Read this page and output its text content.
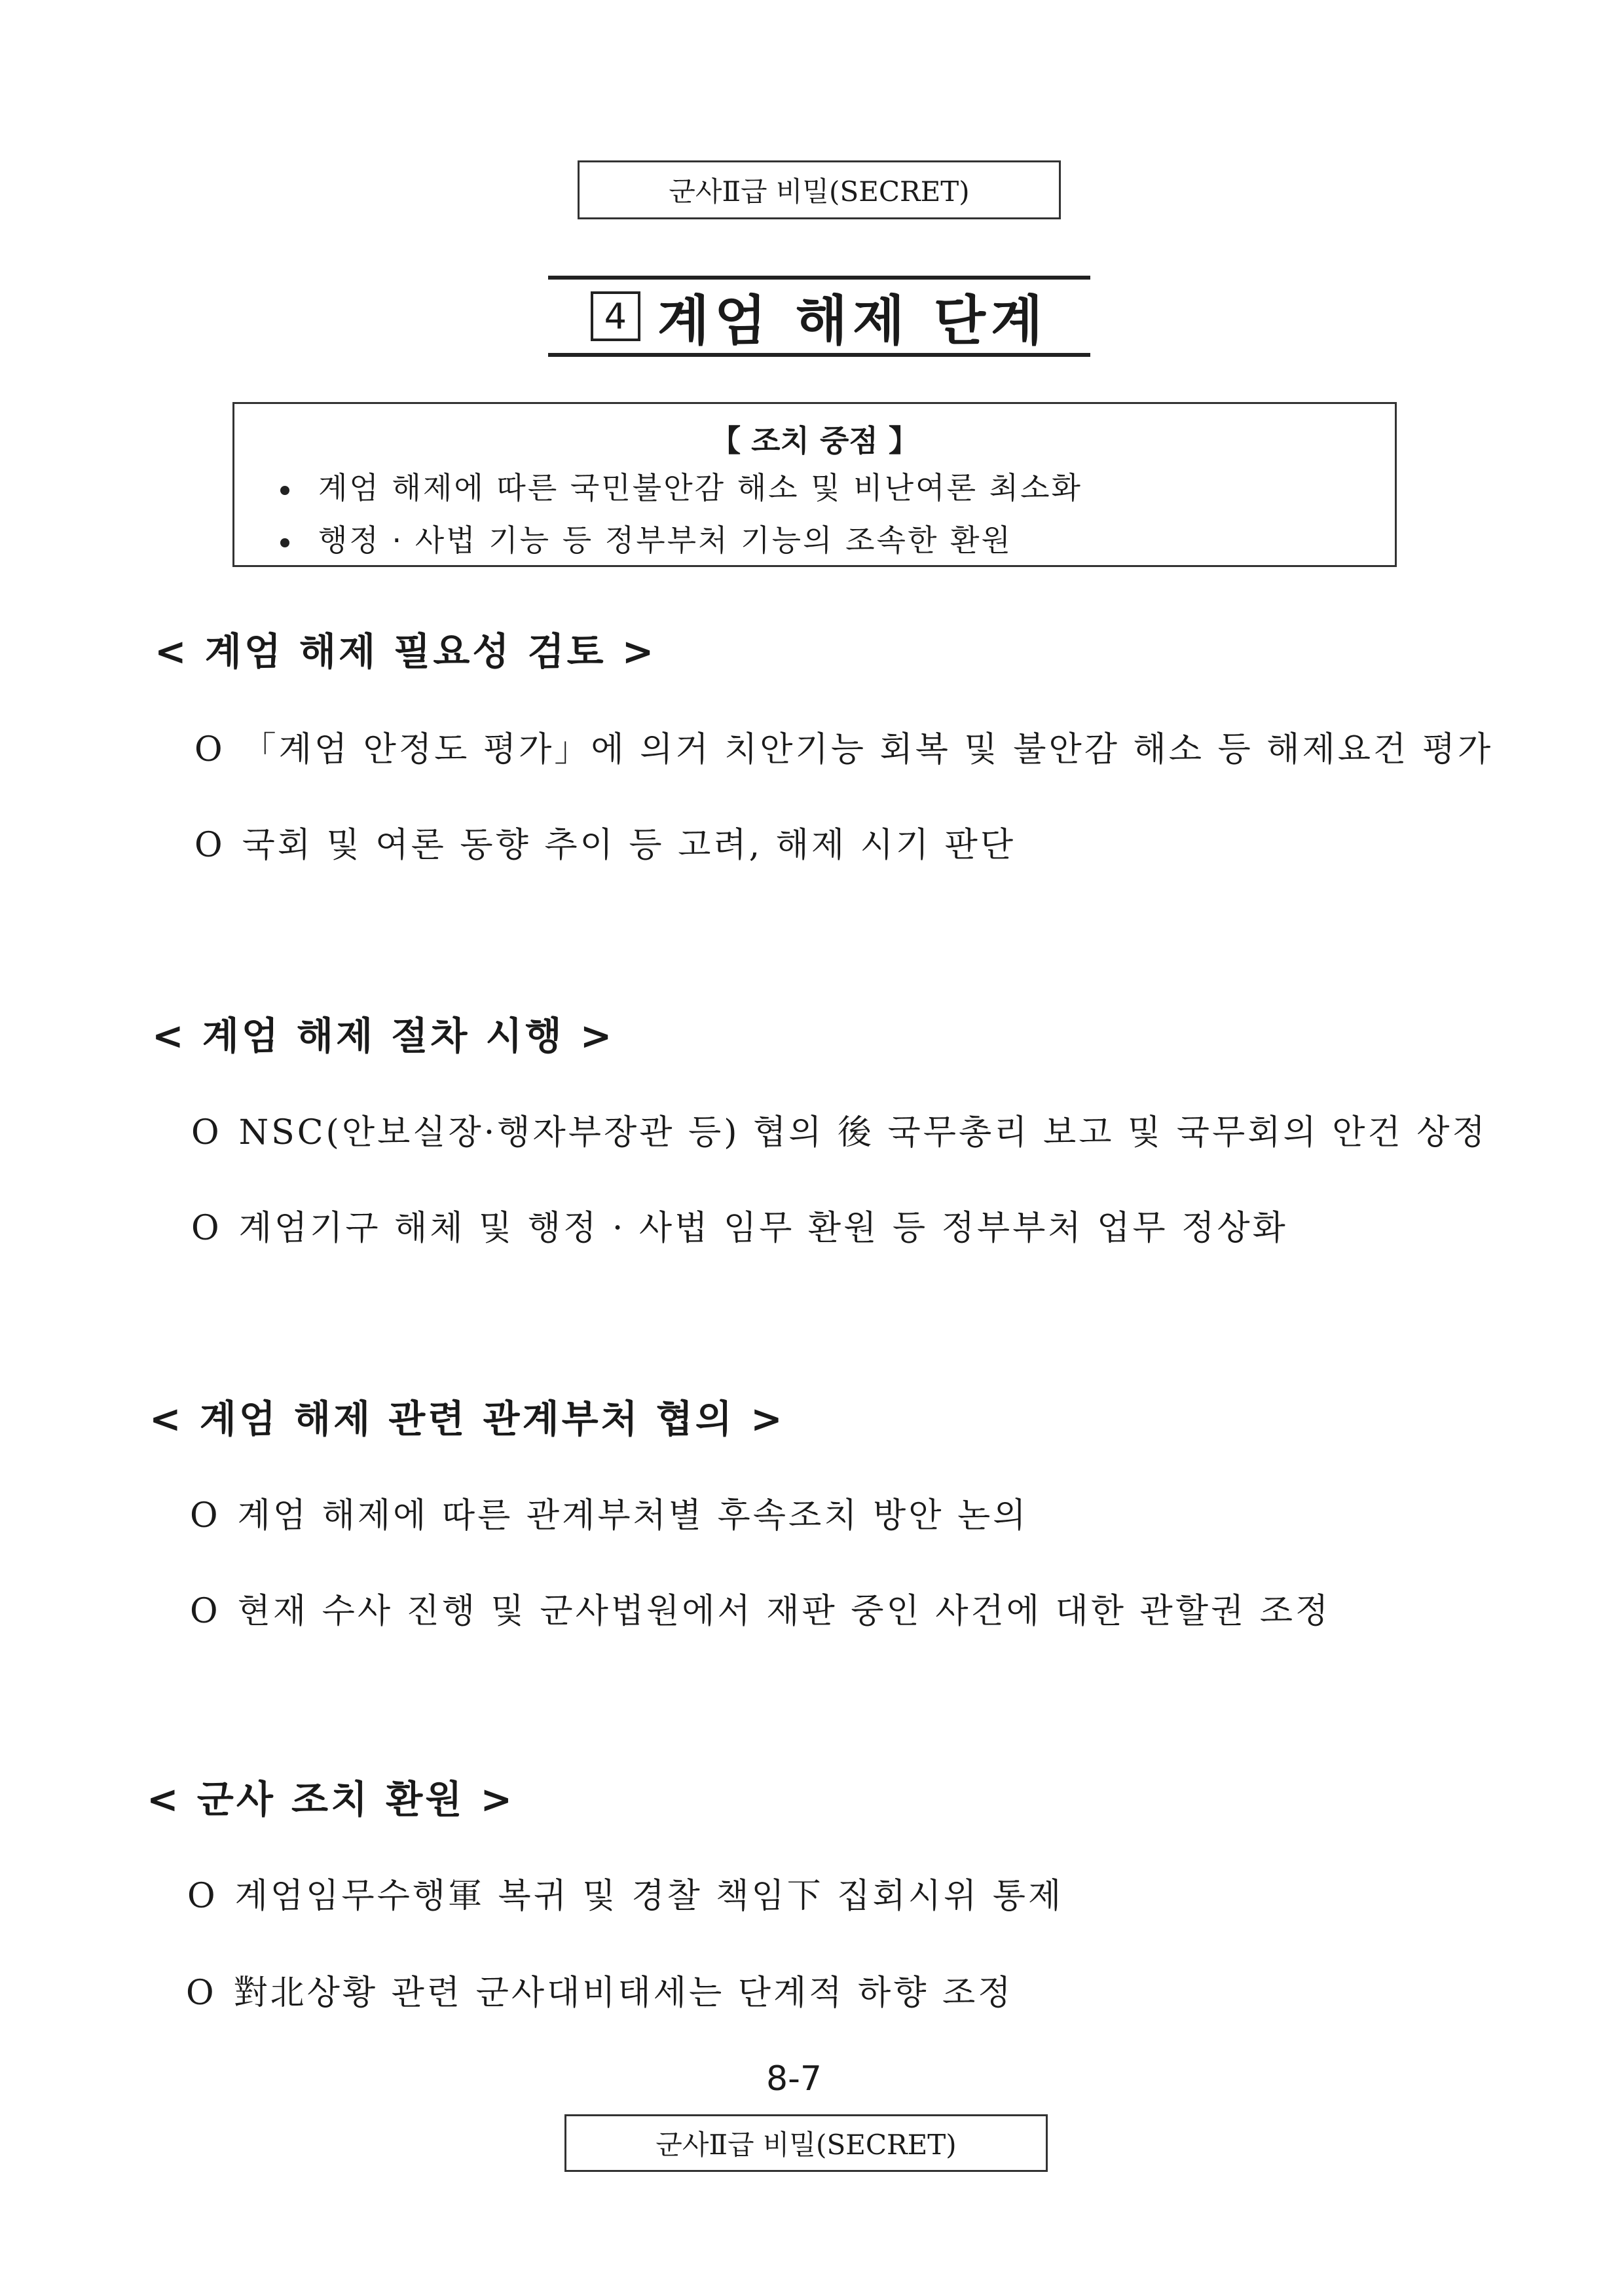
군사Ⅱ급 비밀(SECRET)
4 계엄 해제 단계
【 조치 중점 】
계엄 해제에 따른 국민불안감 해소 및 비난여론 최소화
행정 · 사법 기능 등 정부부처 기능의 조속한 환원
< 계엄 해제 필요성 검토 >
O 「계엄 안정도 평가」에 의거 치안기능 회복 및 불안감 해소 등 해제요건 평가
O 국회 및 여론 동향 추이 등 고려, 해제 시기 판단
< 계엄 해제 절차 시행 >
O NSC(안보실장·행자부장관 등) 협의 後 국무총리 보고 및 국무회의 안건 상정
O 계엄기구 해체 및 행정 · 사법 임무 환원 등 정부부처 업무 정상화
< 계엄 해제 관련 관계부처 협의 >
O 계엄 해제에 따른 관계부처별 후속조치 방안 논의
O 현재 수사 진행 및 군사법원에서 재판 중인 사건에 대한 관할권 조정
< 군사 조치 환원 >
O 계엄임무수행軍 복귀 및 경찰 책임下 집회시위 통제
O 對北상황 관련 군사대비태세는 단계적 하향 조정
8-7
군사Ⅱ급 비밀(SECRET)
